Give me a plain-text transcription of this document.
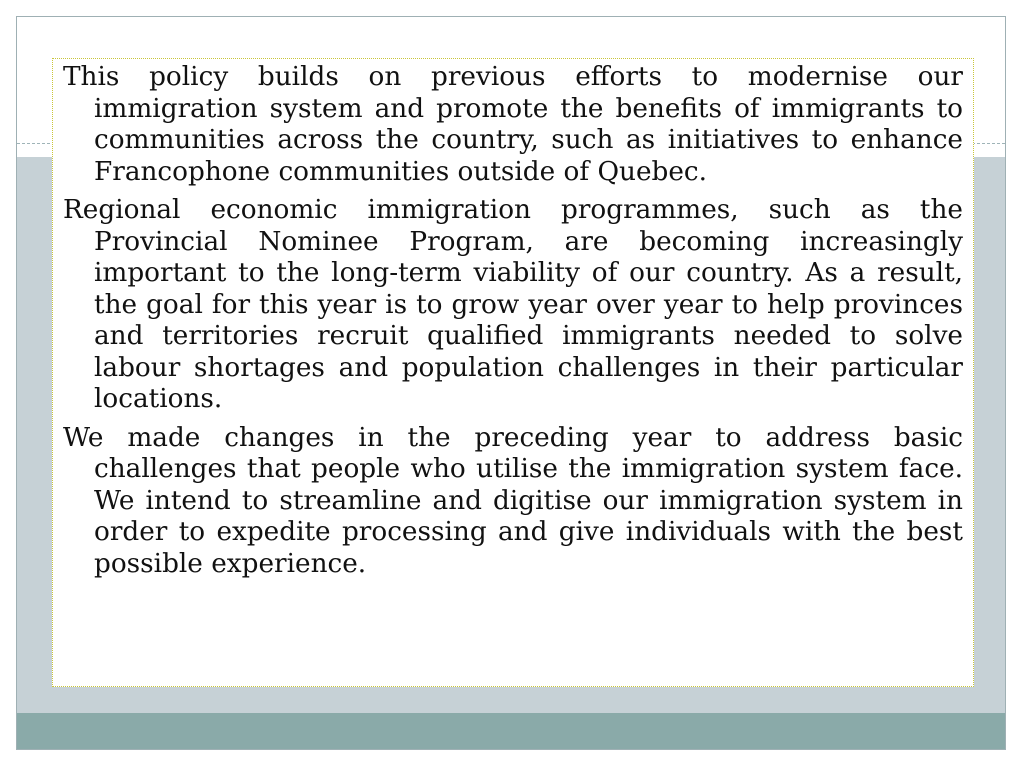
This policy builds on previous efforts to modernise our immigration system and promote the benefits of immigrants to communities across the country, such as initiatives to enhance Francophone communities outside of Quebec.

Regional economic immigration programmes, such as the Provincial Nominee Program, are becoming increasingly important to the long-term viability of our country. As a result, the goal for this year is to grow year over year to help provinces and territories recruit qualified immigrants needed to solve labour shortages and population challenges in their particular locations.

We made changes in the preceding year to address basic challenges that people who utilise the immigration system face. We intend to streamline and digitise our immigration system in order to expedite processing and give individuals with the best possible experience.
